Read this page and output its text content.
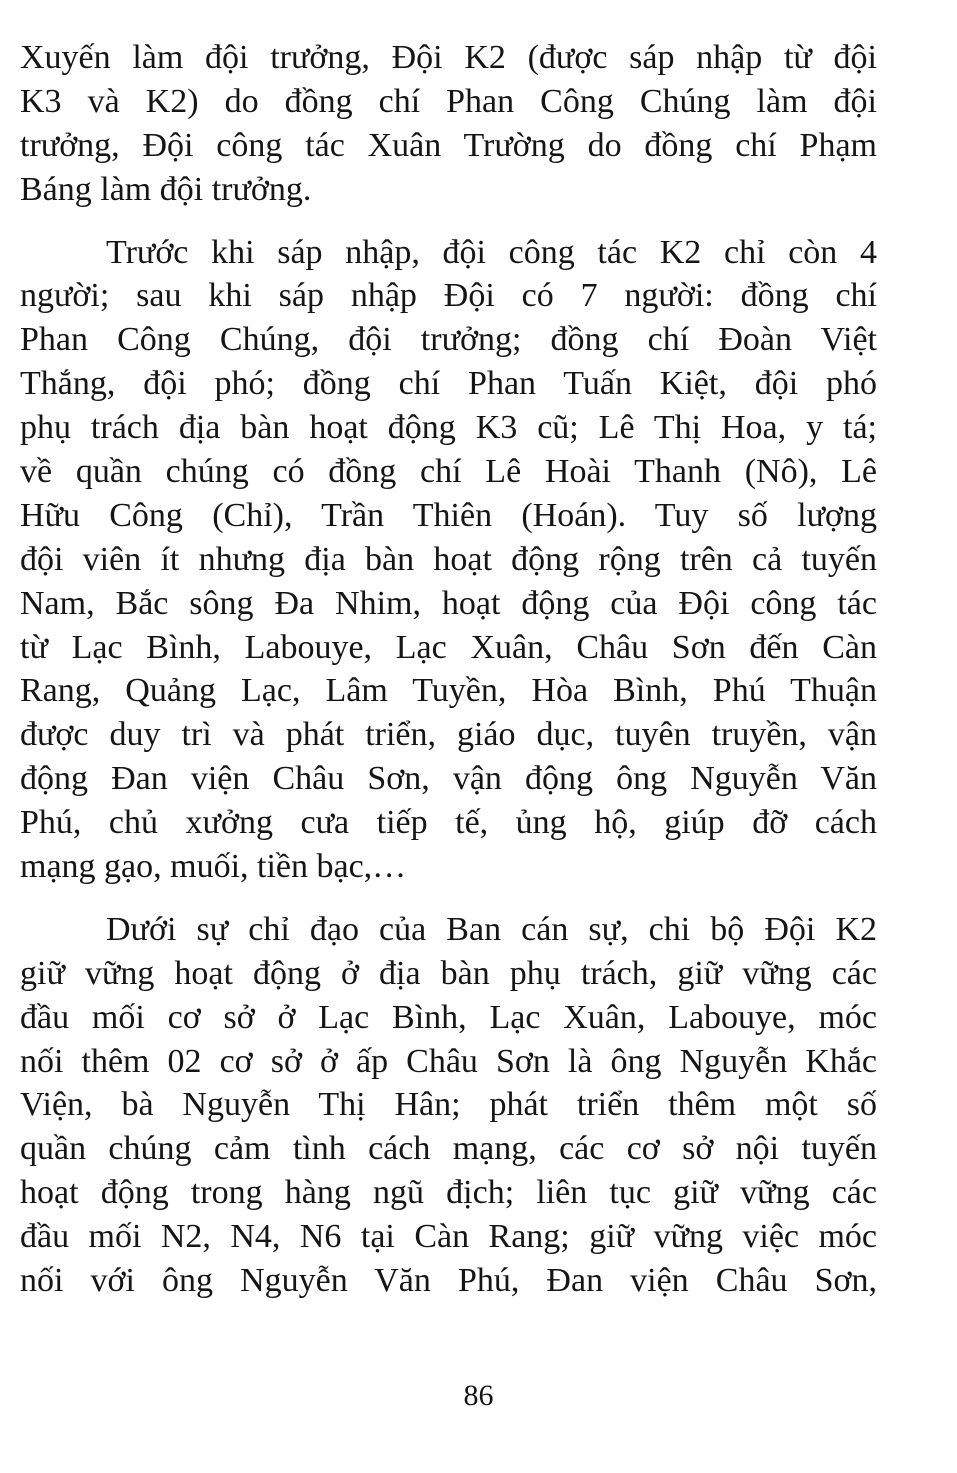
Xuyến làm đội trưởng, Đội K2 (được sáp nhập từ đội
K3 và K2) do đồng chí Phan Công Chúng làm đội
trưởng, Đội công tác Xuân Trường do đồng chí Phạm
Báng làm đội trưởng.
Trước khi sáp nhập, đội công tác K2 chỉ còn 4
người; sau khi sáp nhập Đội có 7 người: đồng chí
Phan Công Chúng, đội trưởng; đồng chí Đoàn Việt
Thắng, đội phó; đồng chí Phan Tuấn Kiệt, đội phó
phụ trách địa bàn hoạt động K3 cũ; Lê Thị Hoa, y tá;
về quần chúng có đồng chí Lê Hoài Thanh (Nô), Lê
Hữu Công (Chỉ), Trần Thiên (Hoán). Tuy số lượng
đội viên ít nhưng địa bàn hoạt động rộng trên cả tuyến
Nam, Bắc sông Đa Nhim, hoạt động của Đội công tác
từ Lạc Bình, Labouye, Lạc Xuân, Châu Sơn đến Càn
Rang, Quảng Lạc, Lâm Tuyền, Hòa Bình, Phú Thuận
được duy trì và phát triển, giáo dục, tuyên truyền, vận
động Đan viện Châu Sơn, vận động ông Nguyễn Văn
Phú, chủ xưởng cưa tiếp tế, ủng hộ, giúp đỡ cách
mạng gạo, muối, tiền bạc,…
Dưới sự chỉ đạo của Ban cán sự, chi bộ Đội K2
giữ vững hoạt động ở địa bàn phụ trách, giữ vững các
đầu mối cơ sở ở Lạc Bình, Lạc Xuân, Labouye, móc
nối thêm 02 cơ sở ở ấp Châu Sơn là ông Nguyễn Khắc
Viện, bà Nguyễn Thị Hân; phát triển thêm một số
quần chúng cảm tình cách mạng, các cơ sở nội tuyến
hoạt động trong hàng ngũ địch; liên tục giữ vững các
đầu mối N2, N4, N6 tại Càn Rang; giữ vững việc móc
nối với ông Nguyễn Văn Phú, Đan viện Châu Sơn,
86
